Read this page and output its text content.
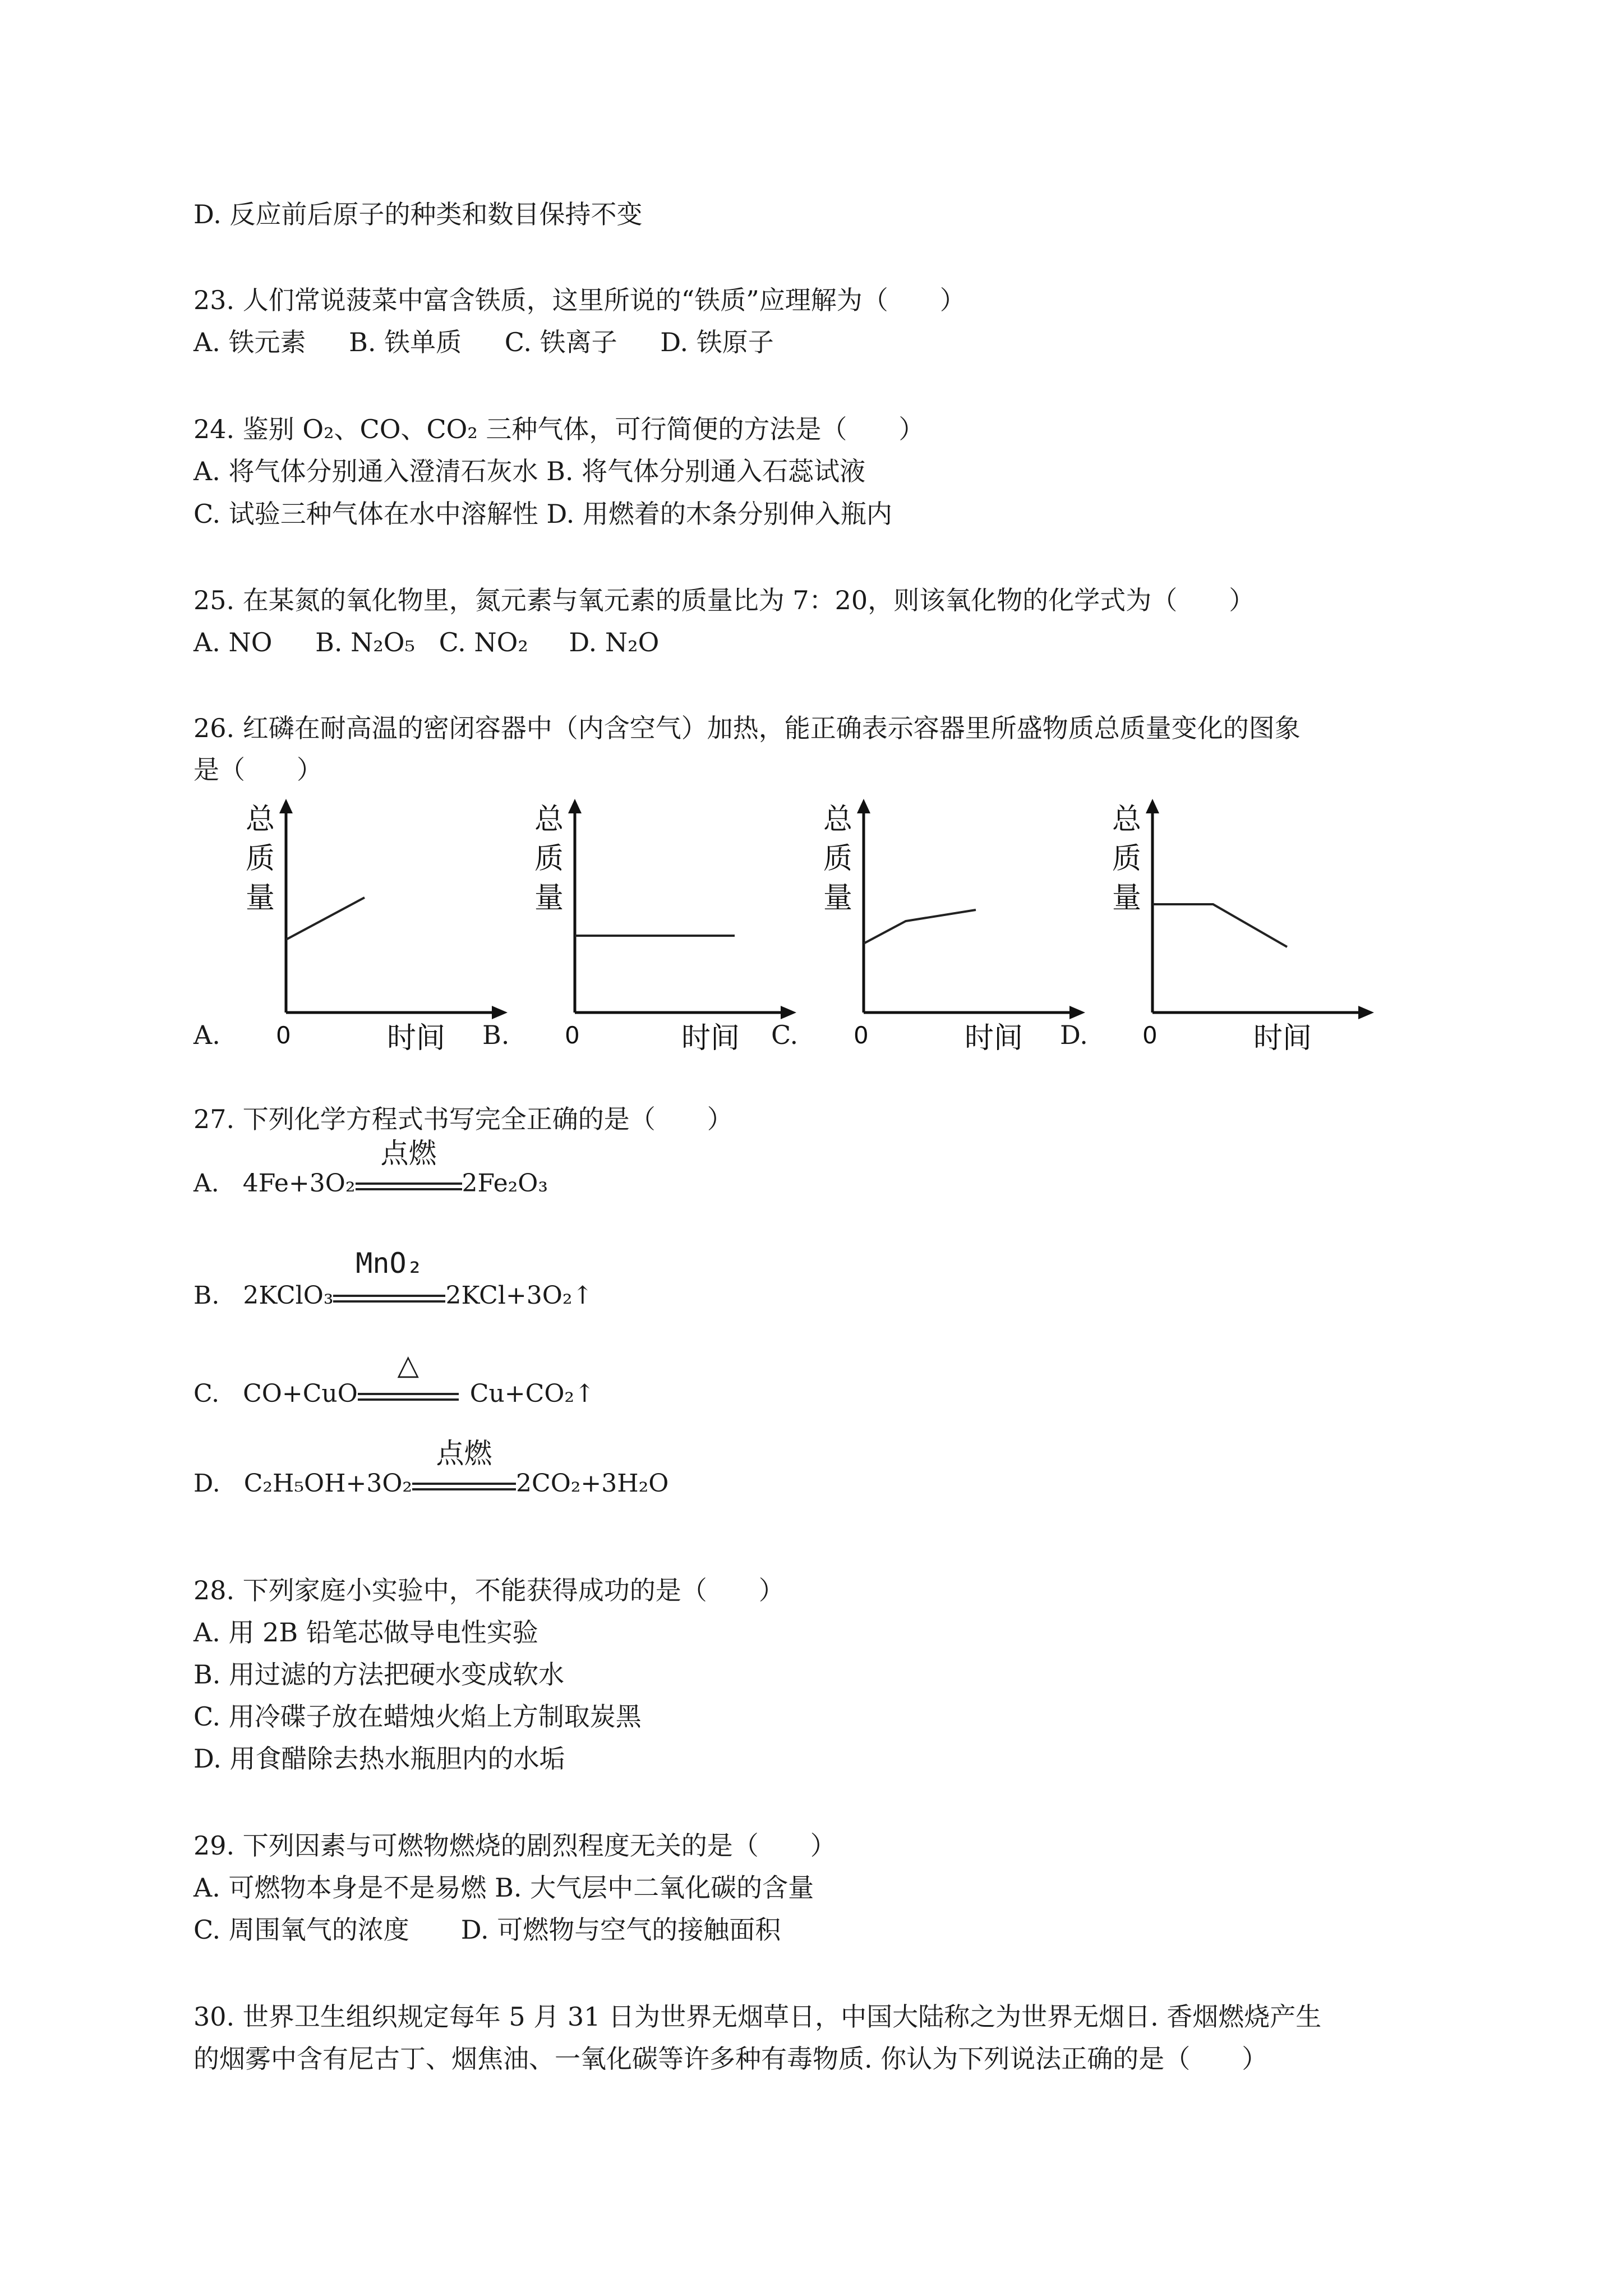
D. 反应前后原子的种类和数目保持不变
23. 人们常说菠菜中富含铁质，这里所说的“铁质”应理解为（　　）
A. 铁元素 B. 铁单质 C. 铁离子 D. 铁原子
24. 鉴别 O₂、CO、CO₂ 三种气体，可行简便的方法是（　　）
A. 将气体分别通入澄清石灰水 B. 将气体分别通入石蕊试液
C. 试验三种气体在水中溶解性 D. 用燃着的木条分别伸入瓶内
25. 在某氮的氧化物里，氮元素与氧元素的质量比为 7：20，则该氧化物的化学式为（　　）
A. NO B. N₂O₅ C. NO₂ D. N₂O
26. 红磷在耐高温的密闭容器中（内含空气）加热，能正确表示容器里所盛物质总质量变化的图象
是（　　）
总
质
量
0	时间
A.
总
质
量
0	时间
B.
总
质
量
0	时间
C.
总
质
量
0	时间
D.
27. 下列化学方程式书写完全正确的是（　　）
A. 4Fe+3O₂
点燃
2Fe₂O₃
B. 2KClO₃
MnO₂
2KCl+3O₂↑
C. CO+CuO
△
Cu+CO₂↑
D. C₂H₅OH+3O₂
点燃
2CO₂+3H₂O
28. 下列家庭小实验中，不能获得成功的是（　　）
A. 用 2B 铅笔芯做导电性实验
B. 用过滤的方法把硬水变成软水
C. 用冷碟子放在蜡烛火焰上方制取炭黑
D. 用食醋除去热水瓶胆内的水垢
29. 下列因素与可燃物燃烧的剧烈程度无关的是（　　）
A. 可燃物本身是不是易燃 B. 大气层中二氧化碳的含量
C. 周围氧气的浓度　　D. 可燃物与空气的接触面积
30. 世界卫生组织规定每年 5 月 31 日为世界无烟草日，中国大陆称之为世界无烟日. 香烟燃烧产生
的烟雾中含有尼古丁、烟焦油、一氧化碳等许多种有毒物质. 你认为下列说法正确的是（　　）
